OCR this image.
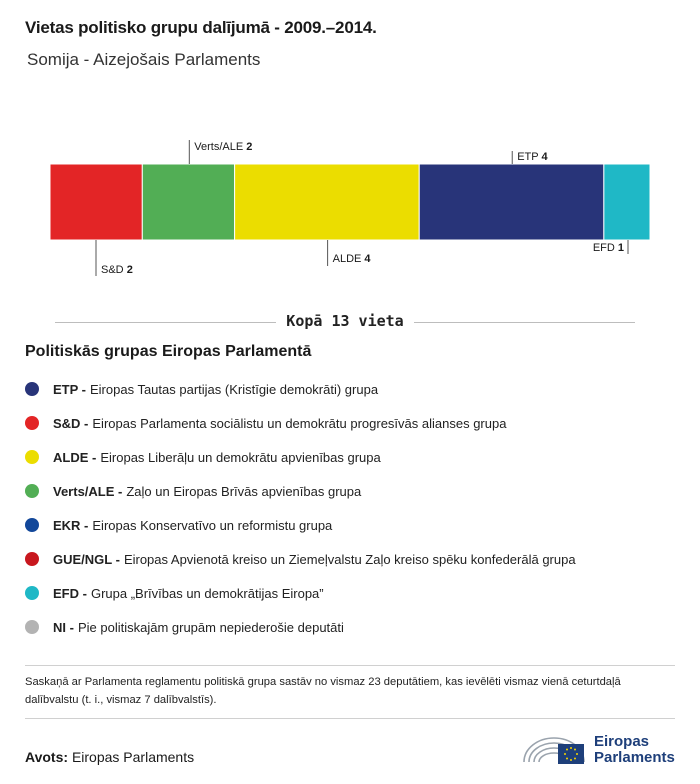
Vietas politisko grupu dalījumā - 2009.–2014.
Somija - Aizejošais Parlaments
S&D 2
Verts/ALE 2
ALDE 4
ETP 4
EFD 1
Kopā 13 vieta
Politiskās grupas Eiropas Parlamentā
ETP - Eiropas Tautas partijas (Kristīgie demokrāti) grupa
S&D - Eiropas Parlamenta sociālistu un demokrātu progresīvās alianses grupa
ALDE - Eiropas Liberāļu un demokrātu apvienības grupa
Verts/ALE - Zaļo un Eiropas Brīvās apvienības grupa
EKR - Eiropas Konservatīvo un reformistu grupa
GUE/NGL - Eiropas Apvienotā kreiso un Ziemeļvalstu Zaļo kreiso spēku konfederālā grupa
EFD - Grupa „Brīvības un demokrātijas Eiropa”
NI - Pie politiskajām grupām nepiederošie deputāti
Saskaņā ar Parlamenta reglamentu politiskā grupa sastāv no vismaz 23 deputātiem, kas ievēlēti vismaz vienā ceturtdaļā dalībvalstu (t. i., vismaz 7 dalībvalstīs).
Avots: Eiropas Parlaments
Eiropas
Parlaments
